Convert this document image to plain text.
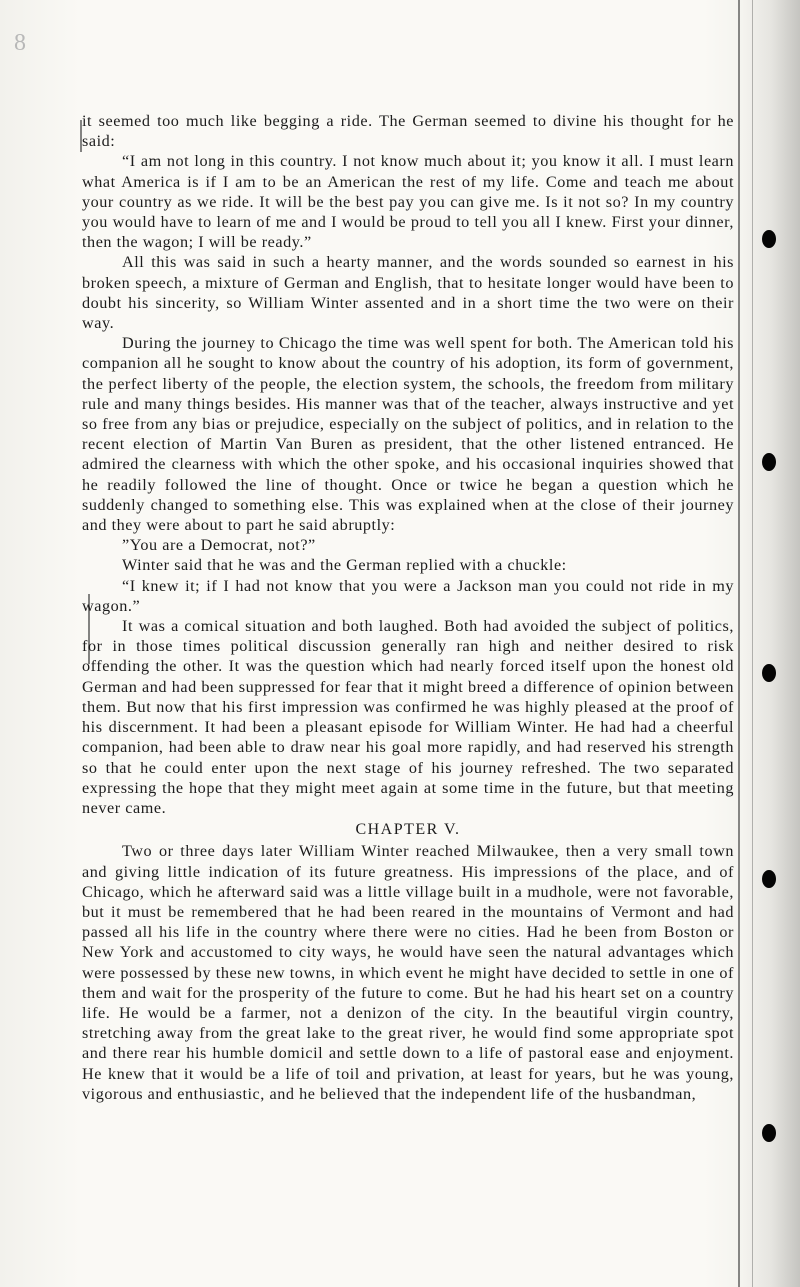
8

it seemed too much like begging a ride. The German seemed to divine his thought for he said:

“I am not long in this country. I not know much about it; you know it all. I must learn what America is if I am to be an American the rest of my life. Come and teach me about your country as we ride. It will be the best pay you can give me. Is it not so? In my country you would have to learn of me and I would be proud to tell you all I knew. First your dinner, then the wagon; I will be ready.”

All this was said in such a hearty manner, and the words sounded so earnest in his broken speech, a mixture of German and English, that to hesitate longer would have been to doubt his sincerity, so William Winter assented and in a short time the two were on their way.

During the journey to Chicago the time was well spent for both. The American told his companion all he sought to know about the country of his adoption, its form of government, the perfect liberty of the people, the election system, the schools, the freedom from military rule and many things besides. His manner was that of the teacher, always instructive and yet so free from any bias or prejudice, especially on the subject of politics, and in relation to the recent election of Martin Van Buren as president, that the other listened entranced. He admired the clearness with which the other spoke, and his occasional inquiries showed that he readily followed the line of thought. Once or twice he began a question which he suddenly changed to something else. This was explained when at the close of their journey and they were about to part he said abruptly:

”You are a Democrat, not?”

Winter said that he was and the German replied with a chuckle:

“I knew it; if I had not know that you were a Jackson man you could not ride in my wagon.”

It was a comical situation and both laughed. Both had avoided the subject of politics, for in those times political discussion generally ran high and neither desired to risk offending the other. It was the question which had nearly forced itself upon the honest old German and had been suppressed for fear that it might breed a difference of opinion between them. But now that his first impression was confirmed he was highly pleased at the proof of his discernment. It had been a pleasant episode for William Winter. He had had a cheerful companion, had been able to draw near his goal more rapidly, and had reserved his strength so that he could enter upon the next stage of his journey refreshed. The two separated expressing the hope that they might meet again at some time in the future, but that meeting never came.

CHAPTER V.

Two or three days later William Winter reached Milwaukee, then a very small town and giving little indication of its future greatness. His impressions of the place, and of Chicago, which he afterward said was a little village built in a mudhole, were not favorable, but it must be remembered that he had been reared in the mountains of Vermont and had passed all his life in the country where there were no cities. Had he been from Boston or New York and accustomed to city ways, he would have seen the natural advantages which were possessed by these new towns, in which event he might have decided to settle in one of them and wait for the prosperity of the future to come. But he had his heart set on a country life. He would be a farmer, not a denizon of the city. In the beautiful virgin country, stretching away from the great lake to the great river, he would find some appropriate spot and there rear his humble domicil and settle down to a life of pastoral ease and enjoyment. He knew that it would be a life of toil and privation, at least for years, but he was young, vigorous and enthusiastic, and he believed that the independent life of the husbandman,
